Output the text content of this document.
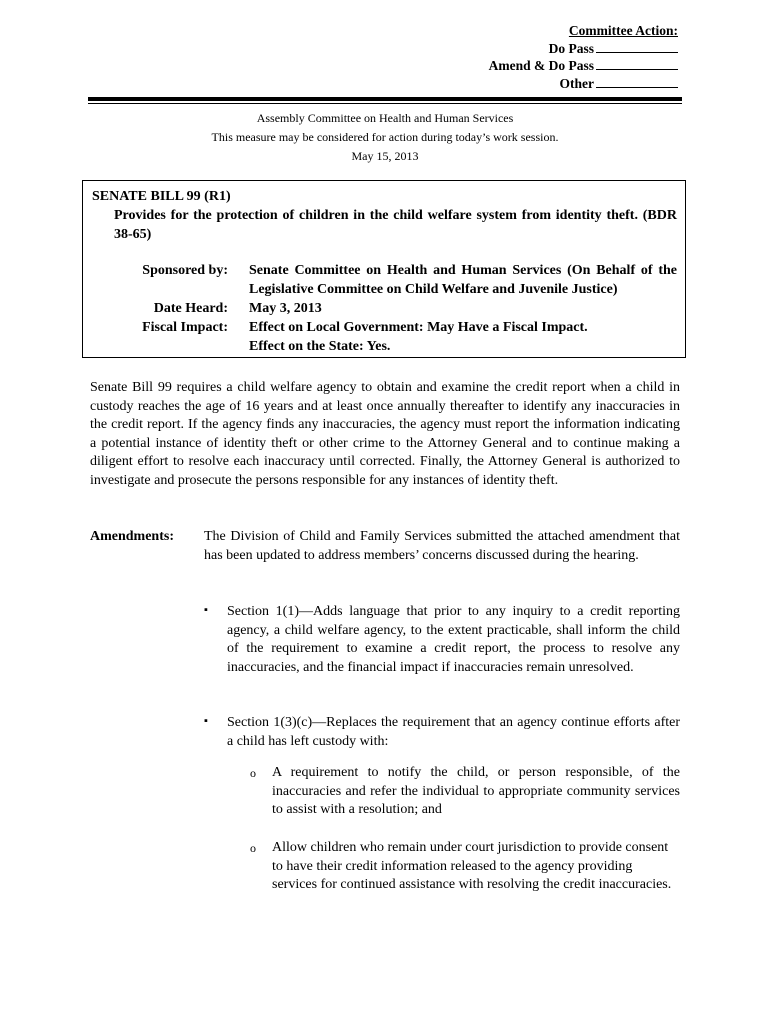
Committee Action:
Do Pass
Amend & Do Pass
Other
Assembly Committee on Health and Human Services
This measure may be considered for action during today’s work session.
May 15, 2013
SENATE BILL 99 (R1)
Provides for the protection of children in the child welfare system from identity theft. (BDR 38-65)
Sponsored by: Senate Committee on Health and Human Services (On Behalf of the Legislative Committee on Child Welfare and Juvenile Justice)
Date Heard: May 3, 2013
Fiscal Impact: Effect on Local Government: May Have a Fiscal Impact.
Effect on the State: Yes.
Senate Bill 99 requires a child welfare agency to obtain and examine the credit report when a child in custody reaches the age of 16 years and at least once annually thereafter to identify any inaccuracies in the credit report. If the agency finds any inaccuracies, the agency must report the information indicating a potential instance of identity theft or other crime to the Attorney General and to continue making a diligent effort to resolve each inaccuracy until corrected. Finally, the Attorney General is authorized to investigate and prosecute the persons responsible for any instances of identity theft.
Amendments: The Division of Child and Family Services submitted the attached amendment that has been updated to address members’ concerns discussed during the hearing.
▪ Section 1(1)—Adds language that prior to any inquiry to a credit reporting agency, a child welfare agency, to the extent practicable, shall inform the child of the requirement to examine a credit report, the process to resolve any inaccuracies, and the financial impact if inaccuracies remain unresolved.
▪ Section 1(3)(c)—Replaces the requirement that an agency continue efforts after a child has left custody with:
o A requirement to notify the child, or person responsible, of the inaccuracies and refer the individual to appropriate community services to assist with a resolution; and
o Allow children who remain under court jurisdiction to provide consent to have their credit information released to the agency providing services for continued assistance with resolving the credit inaccuracies.
